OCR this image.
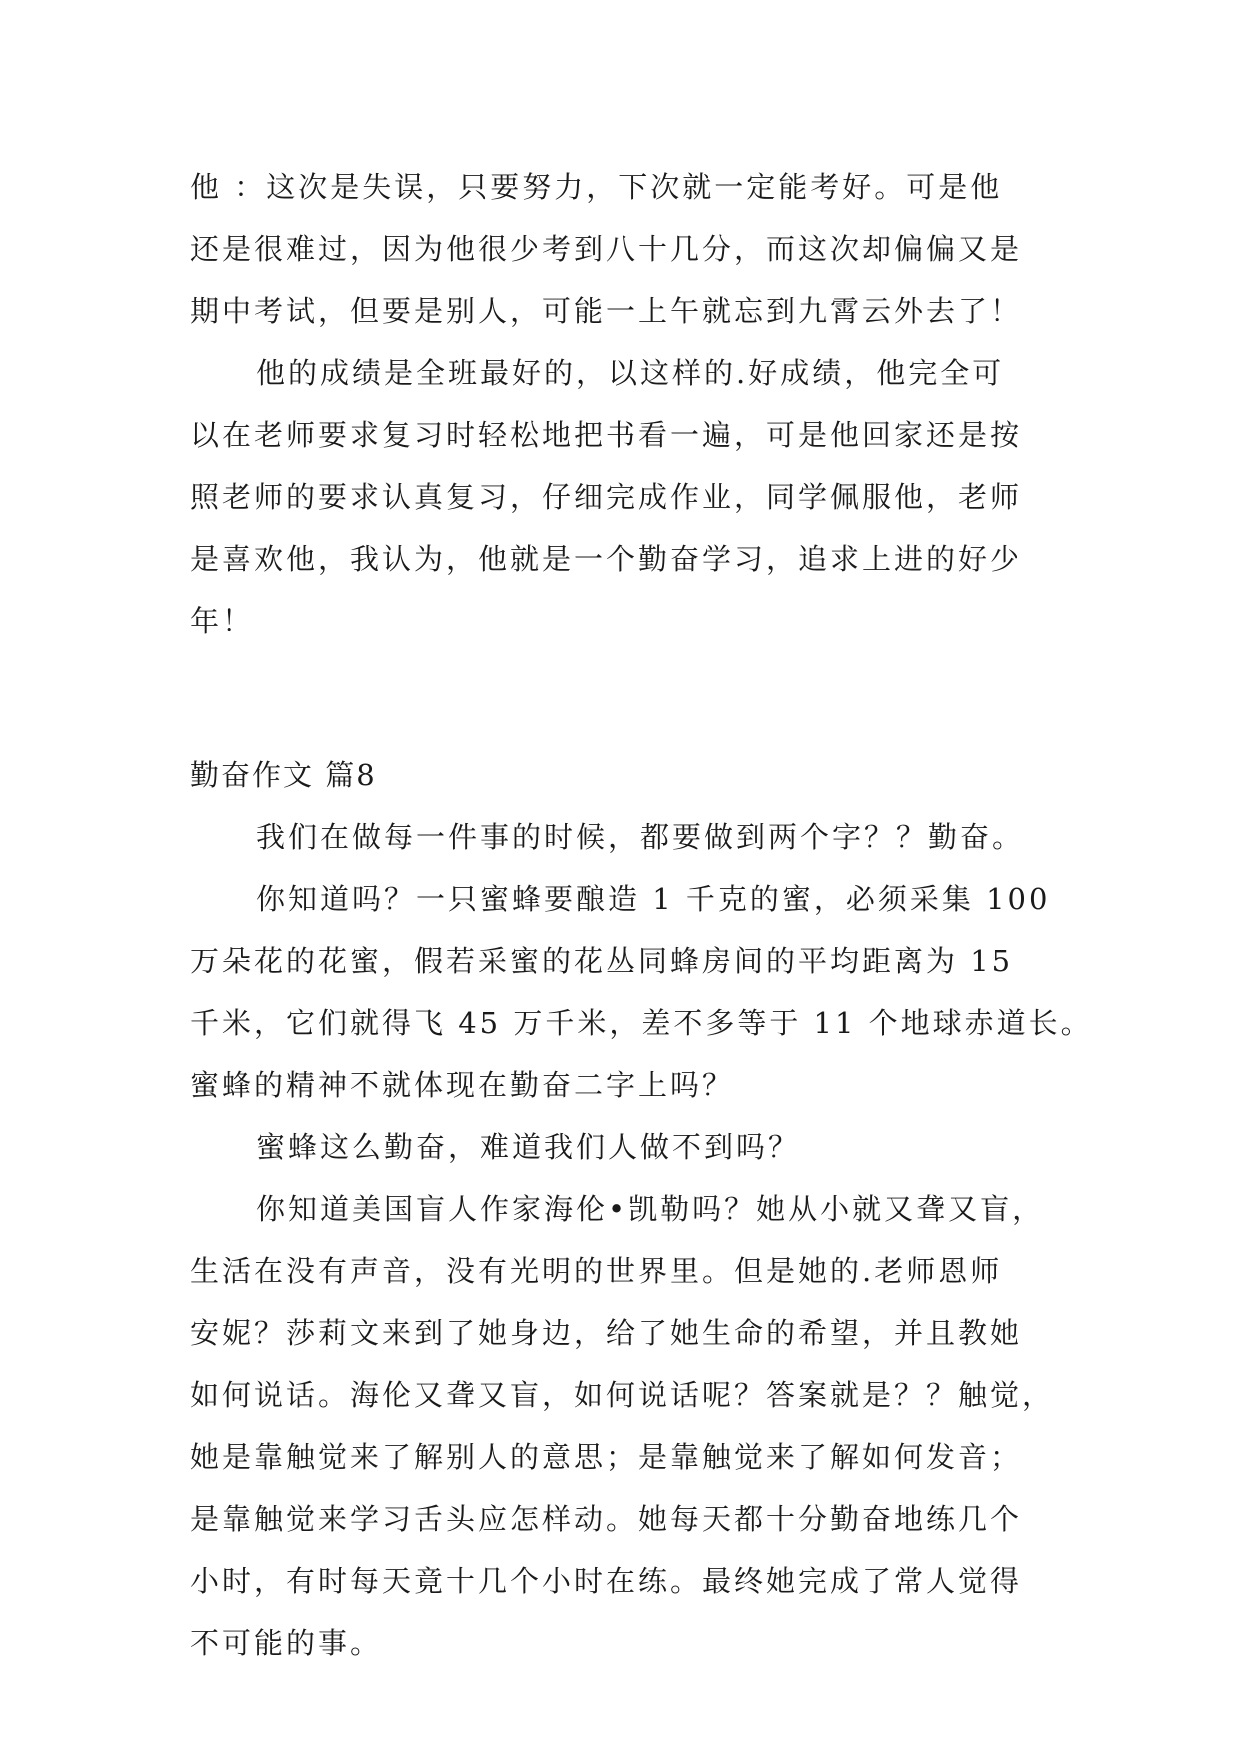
他 ：这次是失误，只要努力，下次就一定能考好。可是他
还是很难过，因为他很少考到八十几分，而这次却偏偏又是
期中考试，但要是别人，可能一上午就忘到九霄云外去了！
他的成绩是全班最好的，以这样的.好成绩，他完全可
以在老师要求复习时轻松地把书看一遍，可是他回家还是按
照老师的要求认真复习，仔细完成作业，同学佩服他，老师
是喜欢他，我认为，他就是一个勤奋学习，追求上进的好少
年！
勤奋作文 篇8
我们在做每一件事的时候，都要做到两个字？？勤奋。
你知道吗？一只蜜蜂要酿造 1 千克的蜜，必须采集 100
万朵花的花蜜，假若采蜜的花丛同蜂房间的平均距离为 15
千米，它们就得飞 45 万千米，差不多等于 11 个地球赤道长。
蜜蜂的精神不就体现在勤奋二字上吗？
蜜蜂这么勤奋，难道我们人做不到吗？
你知道美国盲人作家海伦•凯勒吗？她从小就又聋又盲，
生活在没有声音，没有光明的世界里。但是她的.老师恩师
安妮？莎莉文来到了她身边，给了她生命的希望，并且教她
如何说话。海伦又聋又盲，如何说话呢？答案就是？？触觉，
她是靠触觉来了解别人的意思；是靠触觉来了解如何发音；
是靠触觉来学习舌头应怎样动。她每天都十分勤奋地练几个
小时，有时每天竟十几个小时在练。最终她完成了常人觉得
不可能的事。
